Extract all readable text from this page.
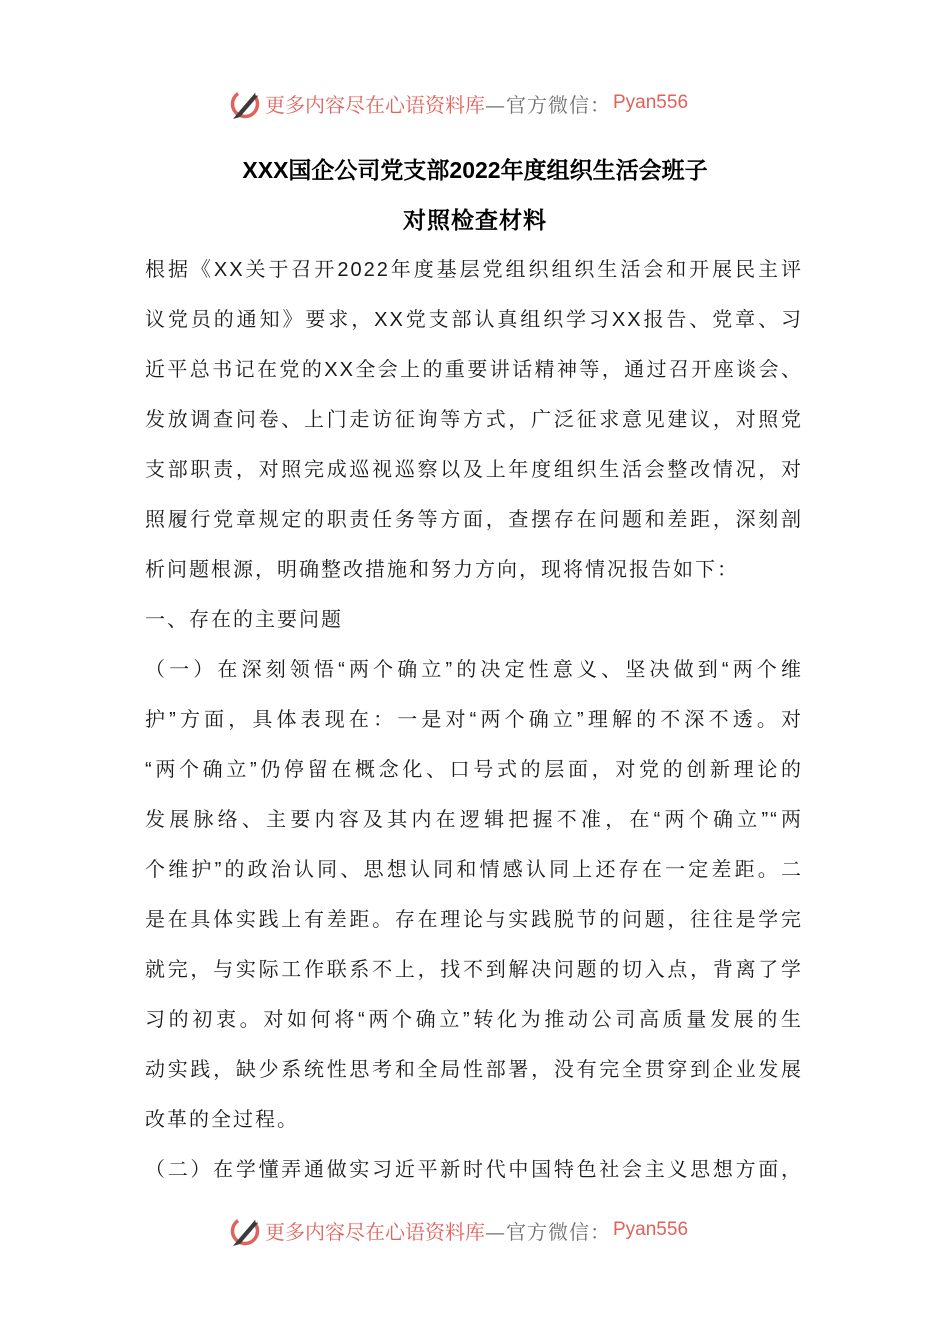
更多内容尽在心语资料库 —官方微信： Pyan556
XXX国企公司党支部2022年度组织生活会班子
对照检查材料
根据《XX关于召开2022年度基层党组织组织生活会和开展民主评
议党员的通知》要求，XX党支部认真组织学习XX报告、党章、习
近平总书记在党的XX全会上的重要讲话精神等，通过召开座谈会、
发放调查问卷、上门走访征询等方式，广泛征求意见建议，对照党
支部职责，对照完成巡视巡察以及上年度组织生活会整改情况，对
照履行党章规定的职责任务等方面，查摆存在问题和差距，深刻剖
析问题根源，明确整改措施和努力方向，现将情况报告如下：
一、存在的主要问题
（一）在深刻领悟“两个确立”的决定性意义、坚决做到“两个维
护”方面，具体表现在：一是对“两个确立”理解的不深不透。对
“两个确立”仍停留在概念化、口号式的层面，对党的创新理论的
发展脉络、主要内容及其内在逻辑把握不准，在“两个确立”“两
个维护”的政治认同、思想认同和情感认同上还存在一定差距。二
是在具体实践上有差距。存在理论与实践脱节的问题，往往是学完
就完，与实际工作联系不上，找不到解决问题的切入点，背离了学
习的初衷。对如何将“两个确立”转化为推动公司高质量发展的生
动实践，缺少系统性思考和全局性部署，没有完全贯穿到企业发展
改革的全过程。
（二）在学懂弄通做实习近平新时代中国特色社会主义思想方面，
更多内容尽在心语资料库 —官方微信： Pyan556
